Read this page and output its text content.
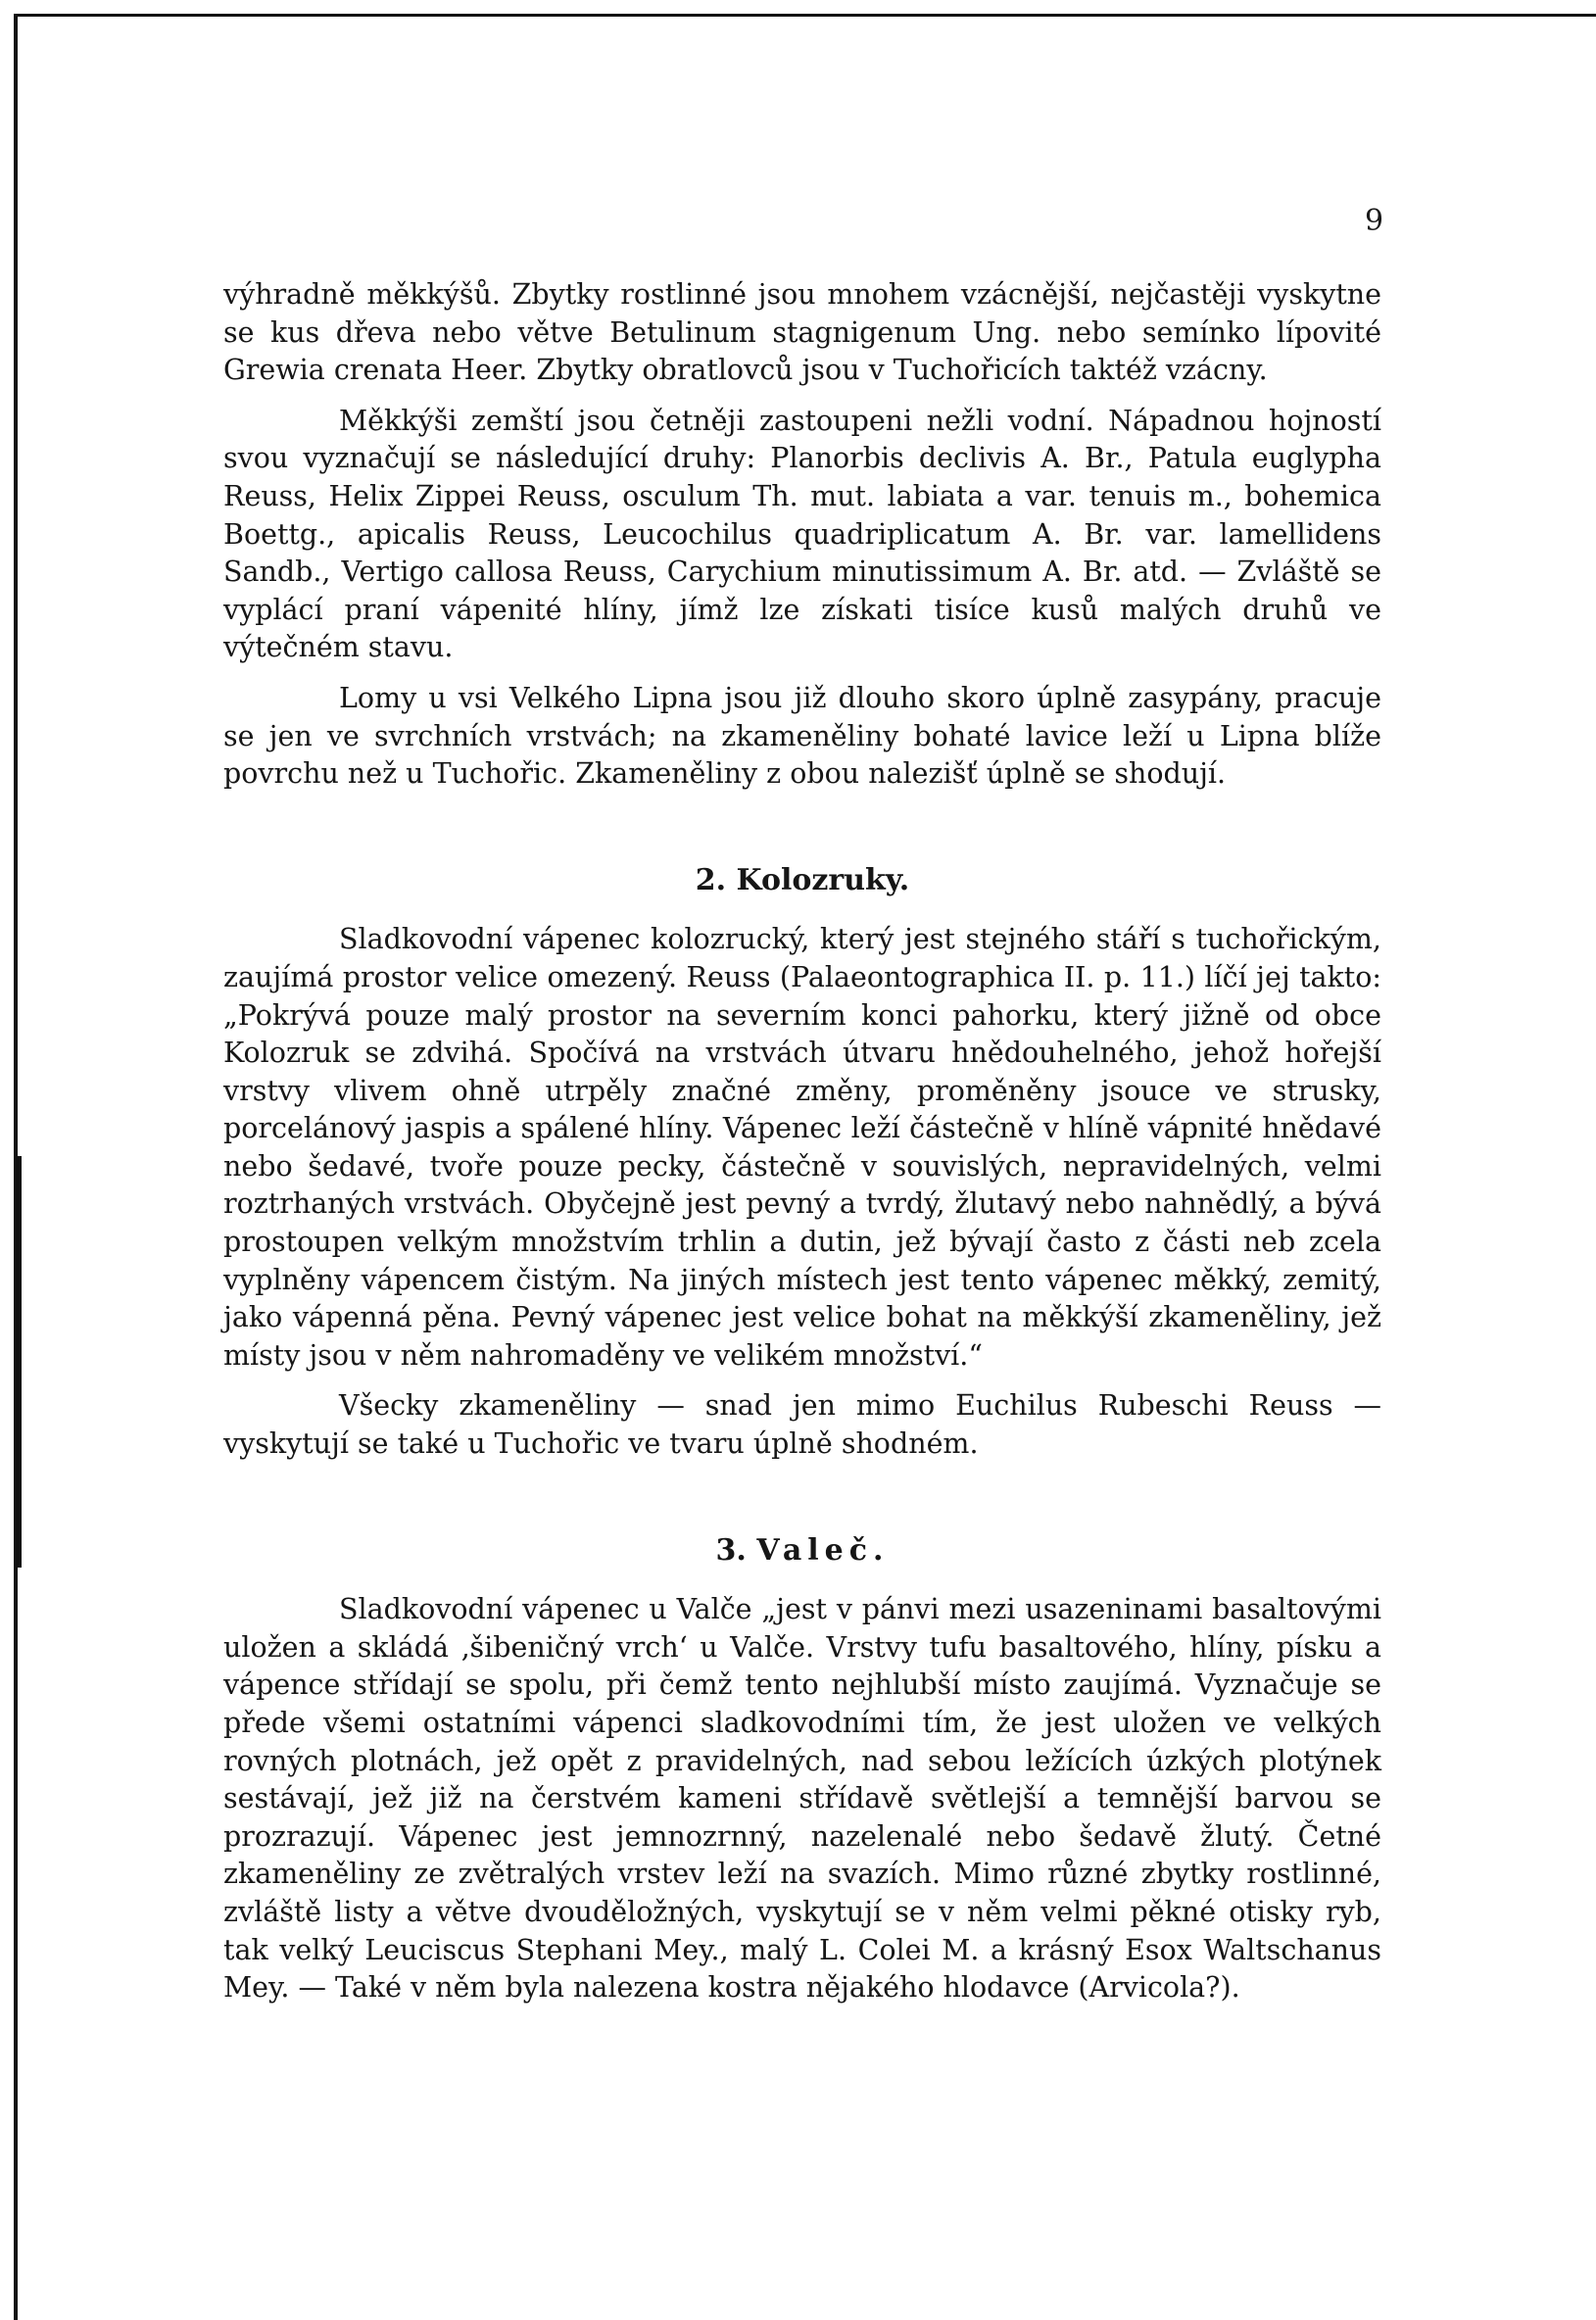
9

výhradně měkkýšů. Zbytky rostlinné jsou mnohem vzácnější, nejčastěji vyskytne se kus dřeva nebo větve Betulinum stagnigenum Ung. nebo semínko lípovité Grewia crenata Heer. Zbytky obratlovců jsou v Tuchořicích taktéž vzácny.

Měkkýši zemští jsou četněji zastoupeni nežli vodní. Nápadnou hojností svou vyznačují se následující druhy: Planorbis declivis A. Br., Patula euglypha Reuss, Helix Zippei Reuss, osculum Th. mut. labiata a var. tenuis m., bohemica Boettg., apicalis Reuss, Leucochilus quadriplicatum A. Br. var. lamellidens Sandb., Vertigo callosa Reuss, Carychium minutissimum A. Br. atd. — Zvláště se vyplácí praní vápenité hlíny, jímž lze získati tisíce kusů malých druhů ve výtečném stavu.

Lomy u vsi Velkého Lipna jsou již dlouho skoro úplně zasypány, pracuje se jen ve svrchních vrstvách; na zkameněliny bohaté lavice leží u Lipna blíže povrchu než u Tuchořic. Zkameněliny z obou nalezišť úplně se shodují.

2. Kolozruky.

Sladkovodní vápenec kolozrucký, který jest stejného stáří s tuchořickým, zaujímá prostor velice omezený. Reuss (Palaeontographica II. p. 11.) líčí jej takto: „Pokrývá pouze malý prostor na severním konci pahorku, který jižně od obce Kolozruk se zdvihá. Spočívá na vrstvách útvaru hnědouhelného, jehož hořejší vrstvy vlivem ohně utrpěly značné změny, proměněny jsouce ve strusky, porcelánový jaspis a spálené hlíny. Vápenec leží částečně v hlíně vápnité hnědavé nebo šedavé, tvoře pouze pecky, částečně v souvislých, nepravidelných, velmi roztrhaných vrstvách. Obyčejně jest pevný a tvrdý, žlutavý nebo nahnědlý, a bývá prostoupen velkým množstvím trhlin a dutin, jež bývají často z části neb zcela vyplněny vápencem čistým. Na jiných místech jest tento vápenec měkký, zemitý, jako vápenná pěna. Pevný vápenec jest velice bohat na měkkýší zkameněliny, jež místy jsou v něm nahromaděny ve velikém množství.“

Všecky zkameněliny — snad jen mimo Euchilus Rubeschi Reuss — vyskytují se také u Tuchořic ve tvaru úplně shodném.

3. Valeč.

Sladkovodní vápenec u Valče „jest v pánvi mezi usazeninami basaltovými uložen a skládá ‚šibeničný vrch‘ u Valče. Vrstvy tufu basaltového, hlíny, písku a vápence střídají se spolu, při čemž tento nejhlubší místo zaujímá. Vyznačuje se přede všemi ostatními vápenci sladkovodními tím, že jest uložen ve velkých rovných plotnách, jež opět z pravidelných, nad sebou ležících úzkých plotýnek sestávají, jež již na čerstvém kameni střídavě světlejší a temnější barvou se prozrazují. Vápenec jest jemnozrnný, nazelenalé nebo šedavě žlutý. Četné zkameněliny ze zvětralých vrstev leží na svazích. Mimo různé zbytky rostlinné, zvláště listy a větve dvouděložných, vyskytují se v něm velmi pěkné otisky ryb, tak velký Leuciscus Stephani Mey., malý L. Colei M. a krásný Esox Waltschanus Mey. — Také v něm byla nalezena kostra nějakého hlodavce (Arvicola?).
